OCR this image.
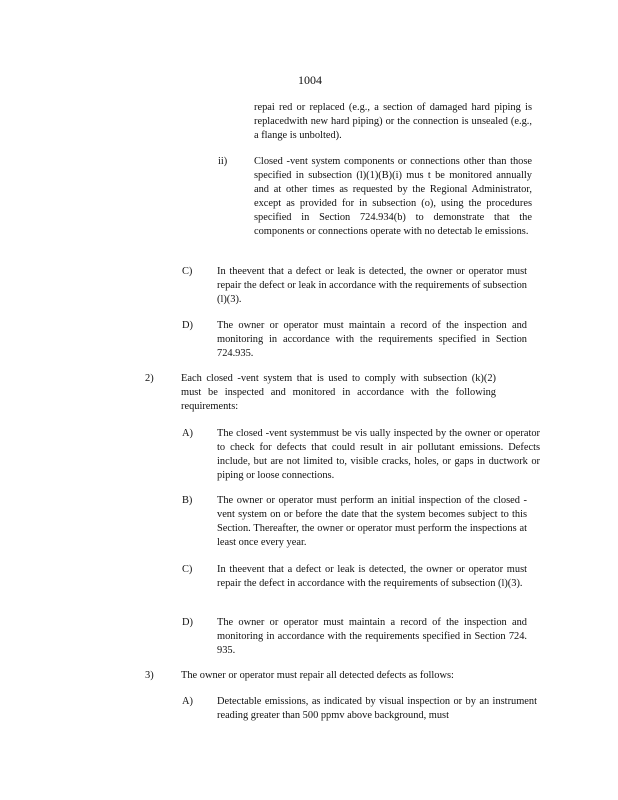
1004

repai red or replaced (e.g., a section of damaged hard piping is replacedwith new hard piping) or the connection is unsealed (e.g., a flange is unbolted).

ii)	Closed -vent system components or connections other than those specified in subsection (l)(1)(B)(i) mus t be monitored annually and at other times as requested by the Regional Administrator, except as provided for in subsection (o), using the procedures specified in Section 724.934(b) to demonstrate that the components or connections operate with no detectab le emissions.

C) In theevent that a defect or leak is detected, the owner or operator must repair the defect or leak in accordance with the requirements of subsection (l)(3).

D) The owner or operator must maintain a record of the inspection and monitoring in accordance with the requirements specified in Section 724.935.

2)	Each closed -vent system that is used to comply with subsection (k)(2) must be inspected and monitored in accordance with the following requirements:

A) The closed -vent systemmust be vis ually inspected by the owner or operator to check for defects that could result in air pollutant emissions. Defects include, but are not limited to, visible cracks, holes, or gaps in ductwork or piping or loose connections.

B) The owner or operator must perform an initial inspection of the closed -vent system on or before the date that the system becomes subject to this Section. Thereafter, the owner or operator must perform the inspections at least once every year.

C) In theevent that a defect or leak is detected, the owner or operator must repair the defect in accordance with the requirements of subsection (l)(3).

D) The owner or operator must maintain a record of the inspection and monitoring in accordance with the requirements specified in Section 724. 935.

3)	The owner or operator must repair all detected defects as follows:

A) Detectable emissions, as indicated by visual inspection or by an instrument reading greater than 500 ppmv above background, must
